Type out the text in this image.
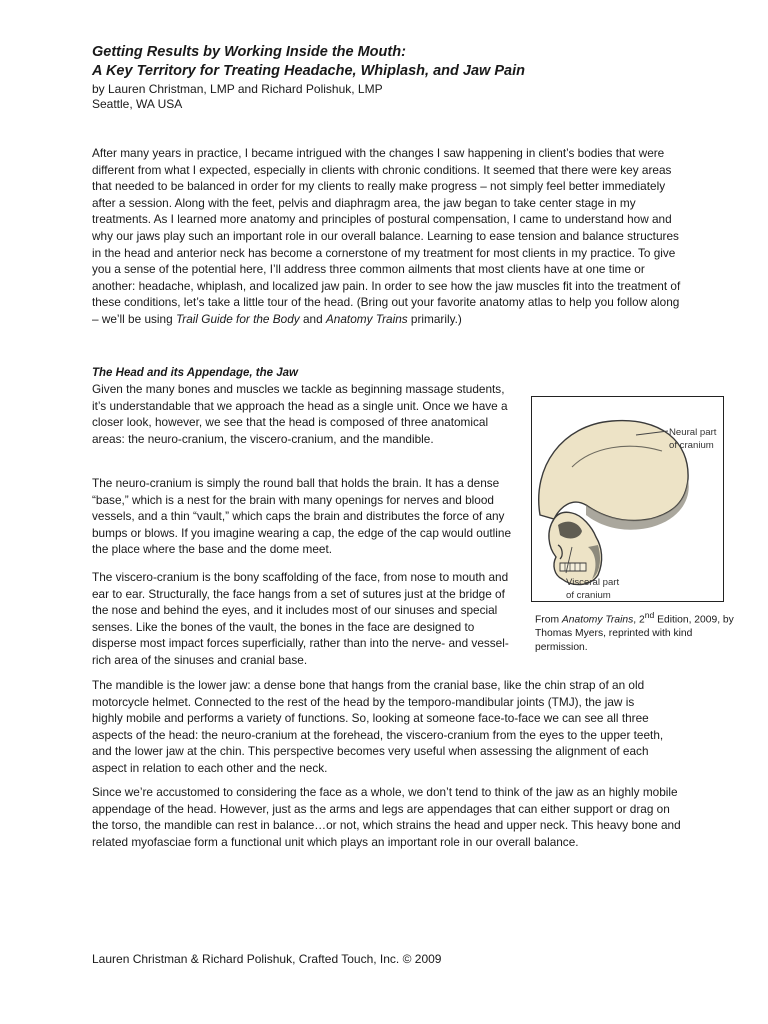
Getting Results by Working Inside the Mouth:

A Key Territory for Treating Headache, Whiplash, and Jaw Pain

by Lauren Christman, LMP and Richard Polishuk, LMP

Seattle, WA USA

After many years in practice, I became intrigued with the changes I saw happening in client’s bodies that were different from what I expected, especially in clients with chronic conditions. It seemed that there were key areas that needed to be balanced in order for my clients to really make progress – not simply feel better immediately after a session. Along with the feet, pelvis and diaphragm area, the jaw began to take center stage in my treatments. As I learned more anatomy and principles of postural compensation, I came to understand how and why our jaws play such an important role in our overall balance. Learning to ease tension and balance structures in the head and anterior neck has become a cornerstone of my treatment for most clients in my practice. To give you a sense of the potential here, I’ll address three common ailments that most clients have at one time or another: headache, whiplash, and localized jaw pain. In order to see how the jaw muscles fit into the treatment of these conditions, let’s take a little tour of the head. (Bring out your favorite anatomy atlas to help you follow along – we’ll be using Trail Guide for the Body and Anatomy Trains primarily.)

The Head and its Appendage, the Jaw

Given the many bones and muscles we tackle as beginning massage students, it’s understandable that we approach the head as a single unit. Once we have a closer look, however, we see that the head is composed of three anatomical areas: the neuro-cranium, the viscero-cranium, and the mandible.

The neuro-cranium is simply the round ball that holds the brain. It has a dense “base,” which is a nest for the brain with many openings for nerves and blood vessels, and a thin “vault,” which caps the brain and distributes the force of any bumps or blows. If you imagine wearing a cap, the edge of the cap would outline the place where the base and the dome meet.

The viscero-cranium is the bony scaffolding of the face, from nose to mouth and ear to ear. Structurally, the face hangs from a set of sutures just at the bridge of the nose and behind the eyes, and it includes most of our sinuses and special senses. Like the bones of the vault, the bones in the face are designed to disperse most impact forces superficially, rather than into the nerve- and vessel-rich area of the sinuses and cranial base.

The mandible is the lower jaw: a dense bone that hangs from the cranial base, like the chin strap of an old motorcycle helmet. Connected to the rest of the head by the temporo-mandibular joints (TMJ), the jaw is highly mobile and performs a variety of functions. So, looking at someone face-to-face we can see all three aspects of the head: the neuro-cranium at the forehead, the viscero-cranium from the eyes to the upper teeth, and the lower jaw at the chin. This perspective becomes very useful when assessing the alignment of each aspect in relation to each other and the neck.

Since we’re accustomed to considering the face as a whole, we don’t tend to think of the jaw as an highly mobile appendage of the head. However, just as the arms and legs are appendages that can either support or drag on the torso, the mandible can rest in balance…or not, which strains the head and upper neck. This heavy bone and related myofasciae form a functional unit which plays an important role in our overall balance.

Neural part
of cranium
Visceral part
of cranium

From Anatomy Trains, 2nd Edition, 2009, by Thomas Myers, reprinted with kind permission.

Lauren Christman & Richard Polishuk, Crafted Touch, Inc. © 2009
